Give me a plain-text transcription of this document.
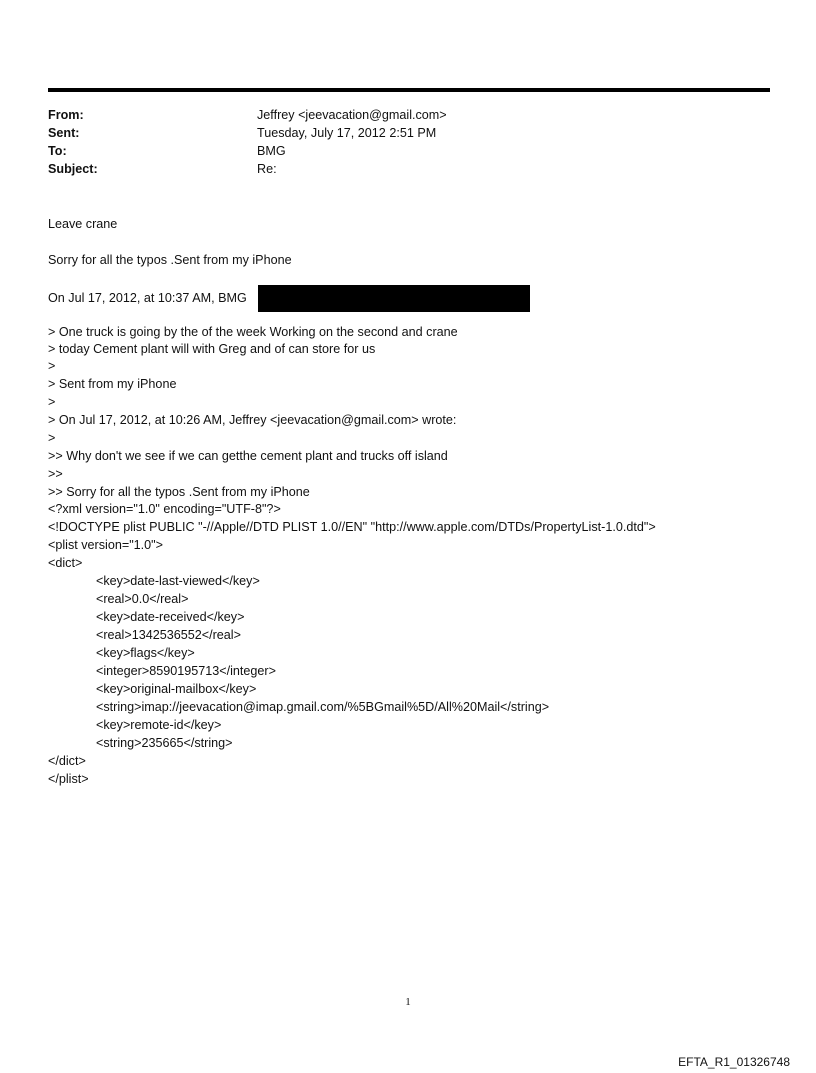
From:	Jeffrey <jeevacation@gmail.com>
Sent:	Tuesday, July 17, 2012 2:51 PM
To:	BMG
Subject:	Re:
Leave crane
Sorry for all the typos .Sent from my iPhone
On Jul 17, 2012, at 10:37 AM, BMG
> One truck is going by the of the week Working on the second and crane
> today Cement plant will with Greg and of can store for us
>
> Sent from my iPhone
>
> On Jul 17, 2012, at 10:26 AM, Jeffrey <jeevacation@gmail.com> wrote:
>
>> Why don't we see if we can getthe cement plant and trucks off island
>>
>> Sorry for all the typos .Sent from my iPhone
<?xml version="1.0" encoding="UTF-8"?>
<!DOCTYPE plist PUBLIC "-//Apple//DTD PLIST 1.0//EN" "http://www.apple.com/DTDs/PropertyList-1.0.dtd">
<plist version="1.0">
<dict>
<key>date-last-viewed</key>
<real>0.0</real>
<key>date-received</key>
<real>1342536552</real>
<key>flags</key>
<integer>8590195713</integer>
<key>original-mailbox</key>
<string>imap://jeevacation@imap.gmail.com/%5BGmail%5D/All%20Mail</string>
<key>remote-id</key>
<string>235665</string>
</dict>
</plist>
1
EFTA_R1_01326748
